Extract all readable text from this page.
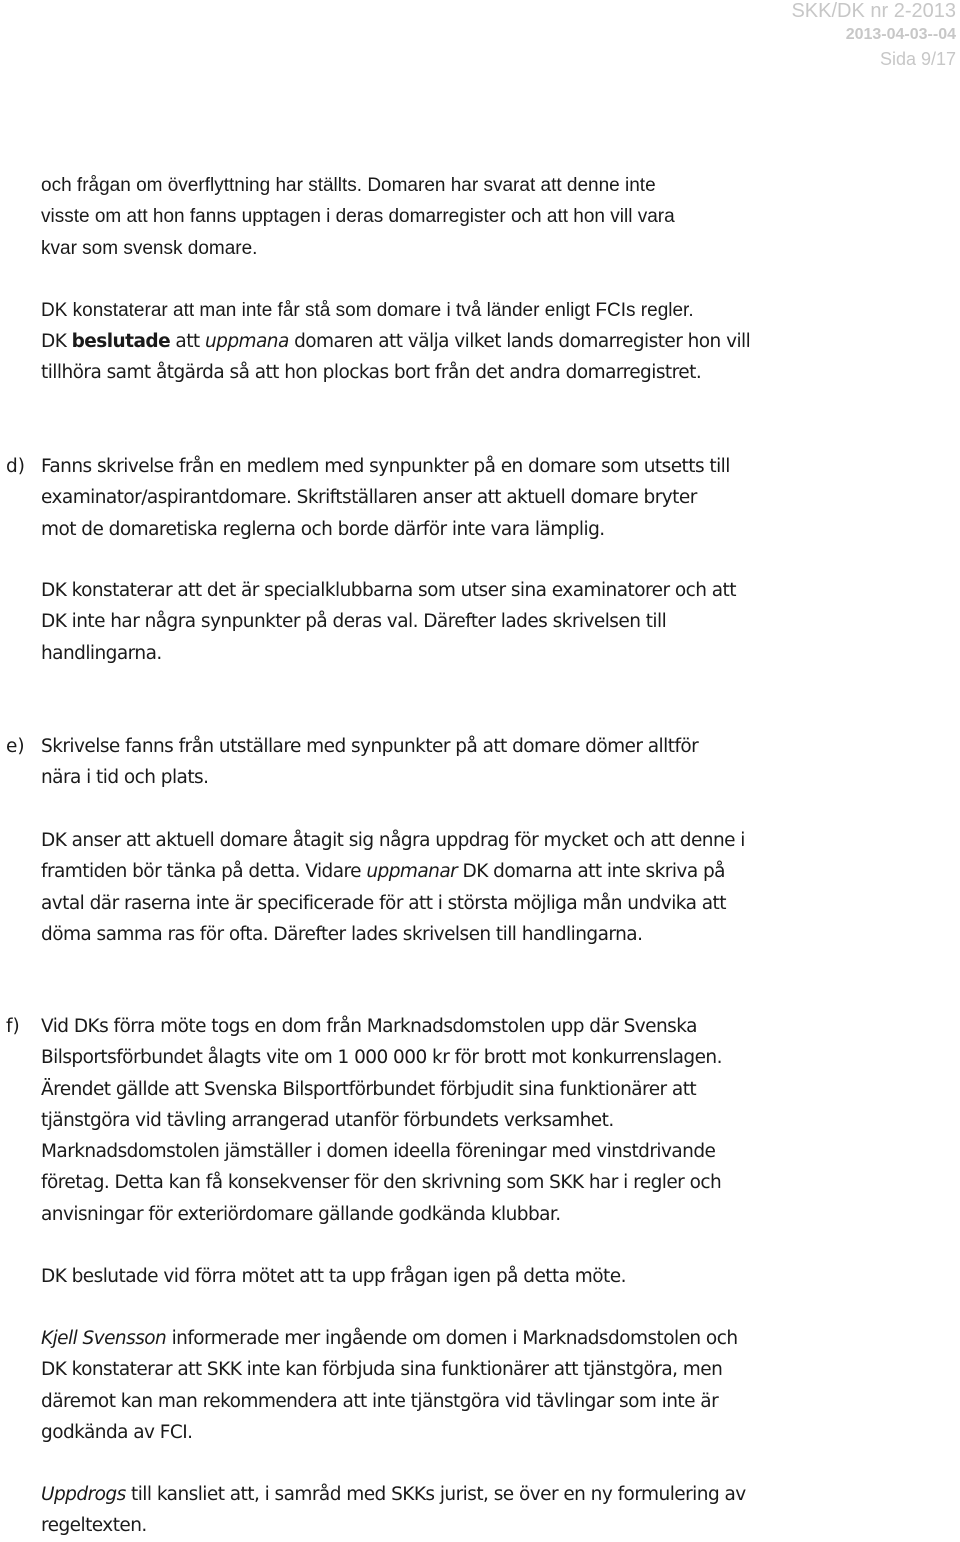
SKK/DK nr 2-2013
2013-04-03--04
Sida 9/17

och frågan om överflyttning har ställts. Domaren har svarat att denne inte
visste om att hon fanns upptagen i deras domarregister och att hon vill vara
kvar som svensk domare.

DK konstaterar att man inte får stå som domare i två länder enligt FCIs regler.

DK beslutade att uppmana domaren att välja vilket lands domarregister hon vill
tillhöra samt åtgärda så att hon plockas bort från det andra domarregistret.

d) Fanns skrivelse från en medlem med synpunkter på en domare som utsetts till
examinator/aspirantdomare. Skriftställaren anser att aktuell domare bryter
mot de domaretiska reglerna och borde därför inte vara lämplig.

DK konstaterar att det är specialklubbarna som utser sina examinatorer och att
DK inte har några synpunkter på deras val. Därefter lades skrivelsen till
handlingarna.

e) Skrivelse fanns från utställare med synpunkter på att domare dömer alltför
nära i tid och plats.

DK anser att aktuell domare åtagit sig några uppdrag för mycket och att denne i
framtiden bör tänka på detta. Vidare uppmanar DK domarna att inte skriva på
avtal där raserna inte är specificerade för att i största möjliga mån undvika att
döma samma ras för ofta. Därefter lades skrivelsen till handlingarna.

f) Vid DKs förra möte togs en dom från Marknadsdomstolen upp där Svenska
Bilsportsförbundet ålagts vite om 1 000 000 kr för brott mot konkurrenslagen.
Ärendet gällde att Svenska Bilsportförbundet förbjudit sina funktionärer att
tjänstgöra vid tävling arrangerad utanför förbundets verksamhet.
Marknadsdomstolen jämställer i domen ideella föreningar med vinstdrivande
företag. Detta kan få konsekvenser för den skrivning som SKK har i regler och
anvisningar för exteriördomare gällande godkända klubbar.

DK beslutade vid förra mötet att ta upp frågan igen på detta möte.

Kjell Svensson informerade mer ingående om domen i Marknadsdomstolen och
DK konstaterar att SKK inte kan förbjuda sina funktionärer att tjänstgöra, men
däremot kan man rekommendera att inte tjänstgöra vid tävlingar som inte är
godkända av FCI.

Uppdrogs till kansliet att, i samråd med SKKs jurist, se över en ny formulering av
regeltexten.
